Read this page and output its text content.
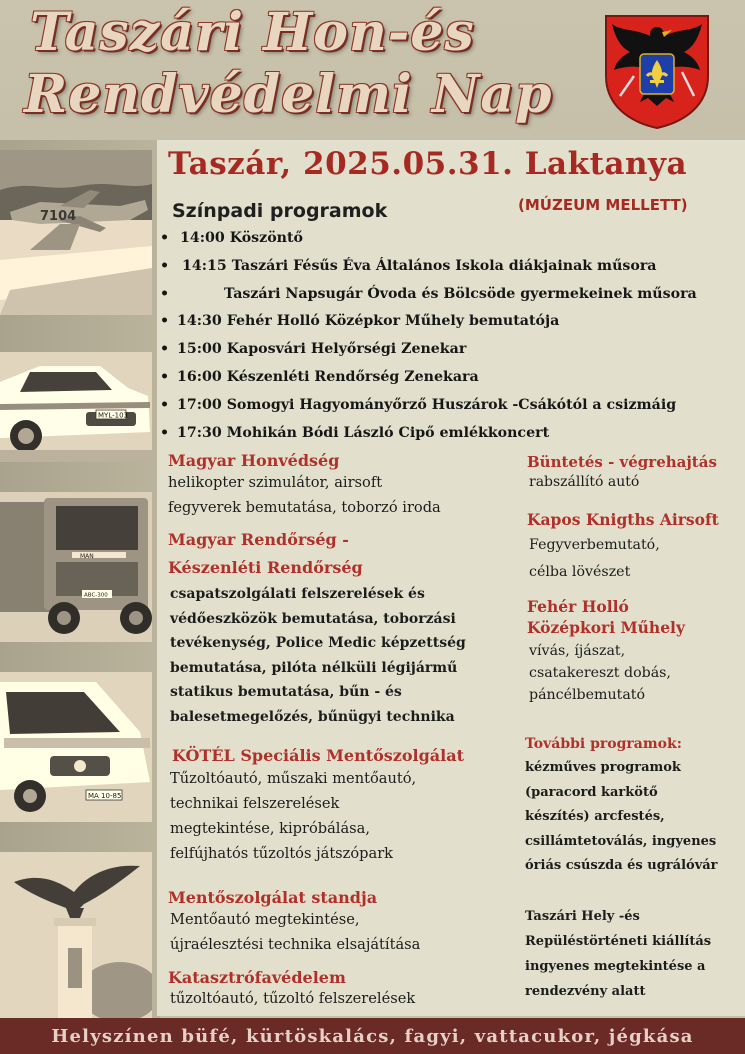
Taszári Hon-és
Rendvédelmi Nap
7104
MYL-103
MAN
ABC-300
MA 10-85
Taszár, 2025.05.31. Laktanya
(MÚZEUM MELLETT)
Színpadi programok
• 14:00 Köszöntő
• 14:15 Taszári Fésűs Éva Általános Iskola diákjainak műsora
•	Taszári Napsugár Óvoda és Bölcsöde gyermekeinek műsora
• 14:30 Fehér Holló Középkor Műhely bemutatója
• 15:00 Kaposvári Helyőrségi Zenekar
• 16:00 Készenléti Rendőrség Zenekara
• 17:00 Somogyi Hagyományőrző Huszárok -Csákótól a csizmáig
• 17:30 Mohikán Bódi László Cipő emlékkoncert
Magyar Honvédség
helikopter szimulátor, airsoft
fegyverek bemutatása, toborzó iroda
Magyar Rendőrség -
Készenléti Rendőrség
csapatszolgálati felszerelések és
védőeszközök bemutatása, toborzási
tevékenység, Police Medic képzettség
bemutatása, pilóta nélküli légijármű
statikus bemutatása, bűn - és
balesetmegelőzés, bűnügyi technika
KÖTÉL Speciális Mentőszolgálat
Tűzoltóautó, műszaki mentőautó,
technikai felszerelések
megtekintése, kipróbálása,
felfújhatós tűzoltós játszópark
Mentőszolgálat standja
Mentőautó megtekintése,
újraélesztési technika elsajátítása
Katasztrófavédelem
tűzoltóautó, tűzoltó felszerelések
Büntetés - végrehajtás
rabszállító autó
Kapos Knigths Airsoft
Fegyverbemutató,
célba lövészet
Fehér Holló
Középkori Műhely
vívás, íjászat,
csatakereszt dobás,
páncélbemutató
További programok:
kézműves programok
(paracord karkötő
készítés) arcfestés,
csillámtetoválás, ingyenes
óriás csúszda és ugrálóvár
Taszári Hely -és
Repüléstörténeti kiállítás
ingyenes megtekintése a
rendezvény alatt
Helyszínen büfé, kürtöskalács, fagyi, vattacukor, jégkása
